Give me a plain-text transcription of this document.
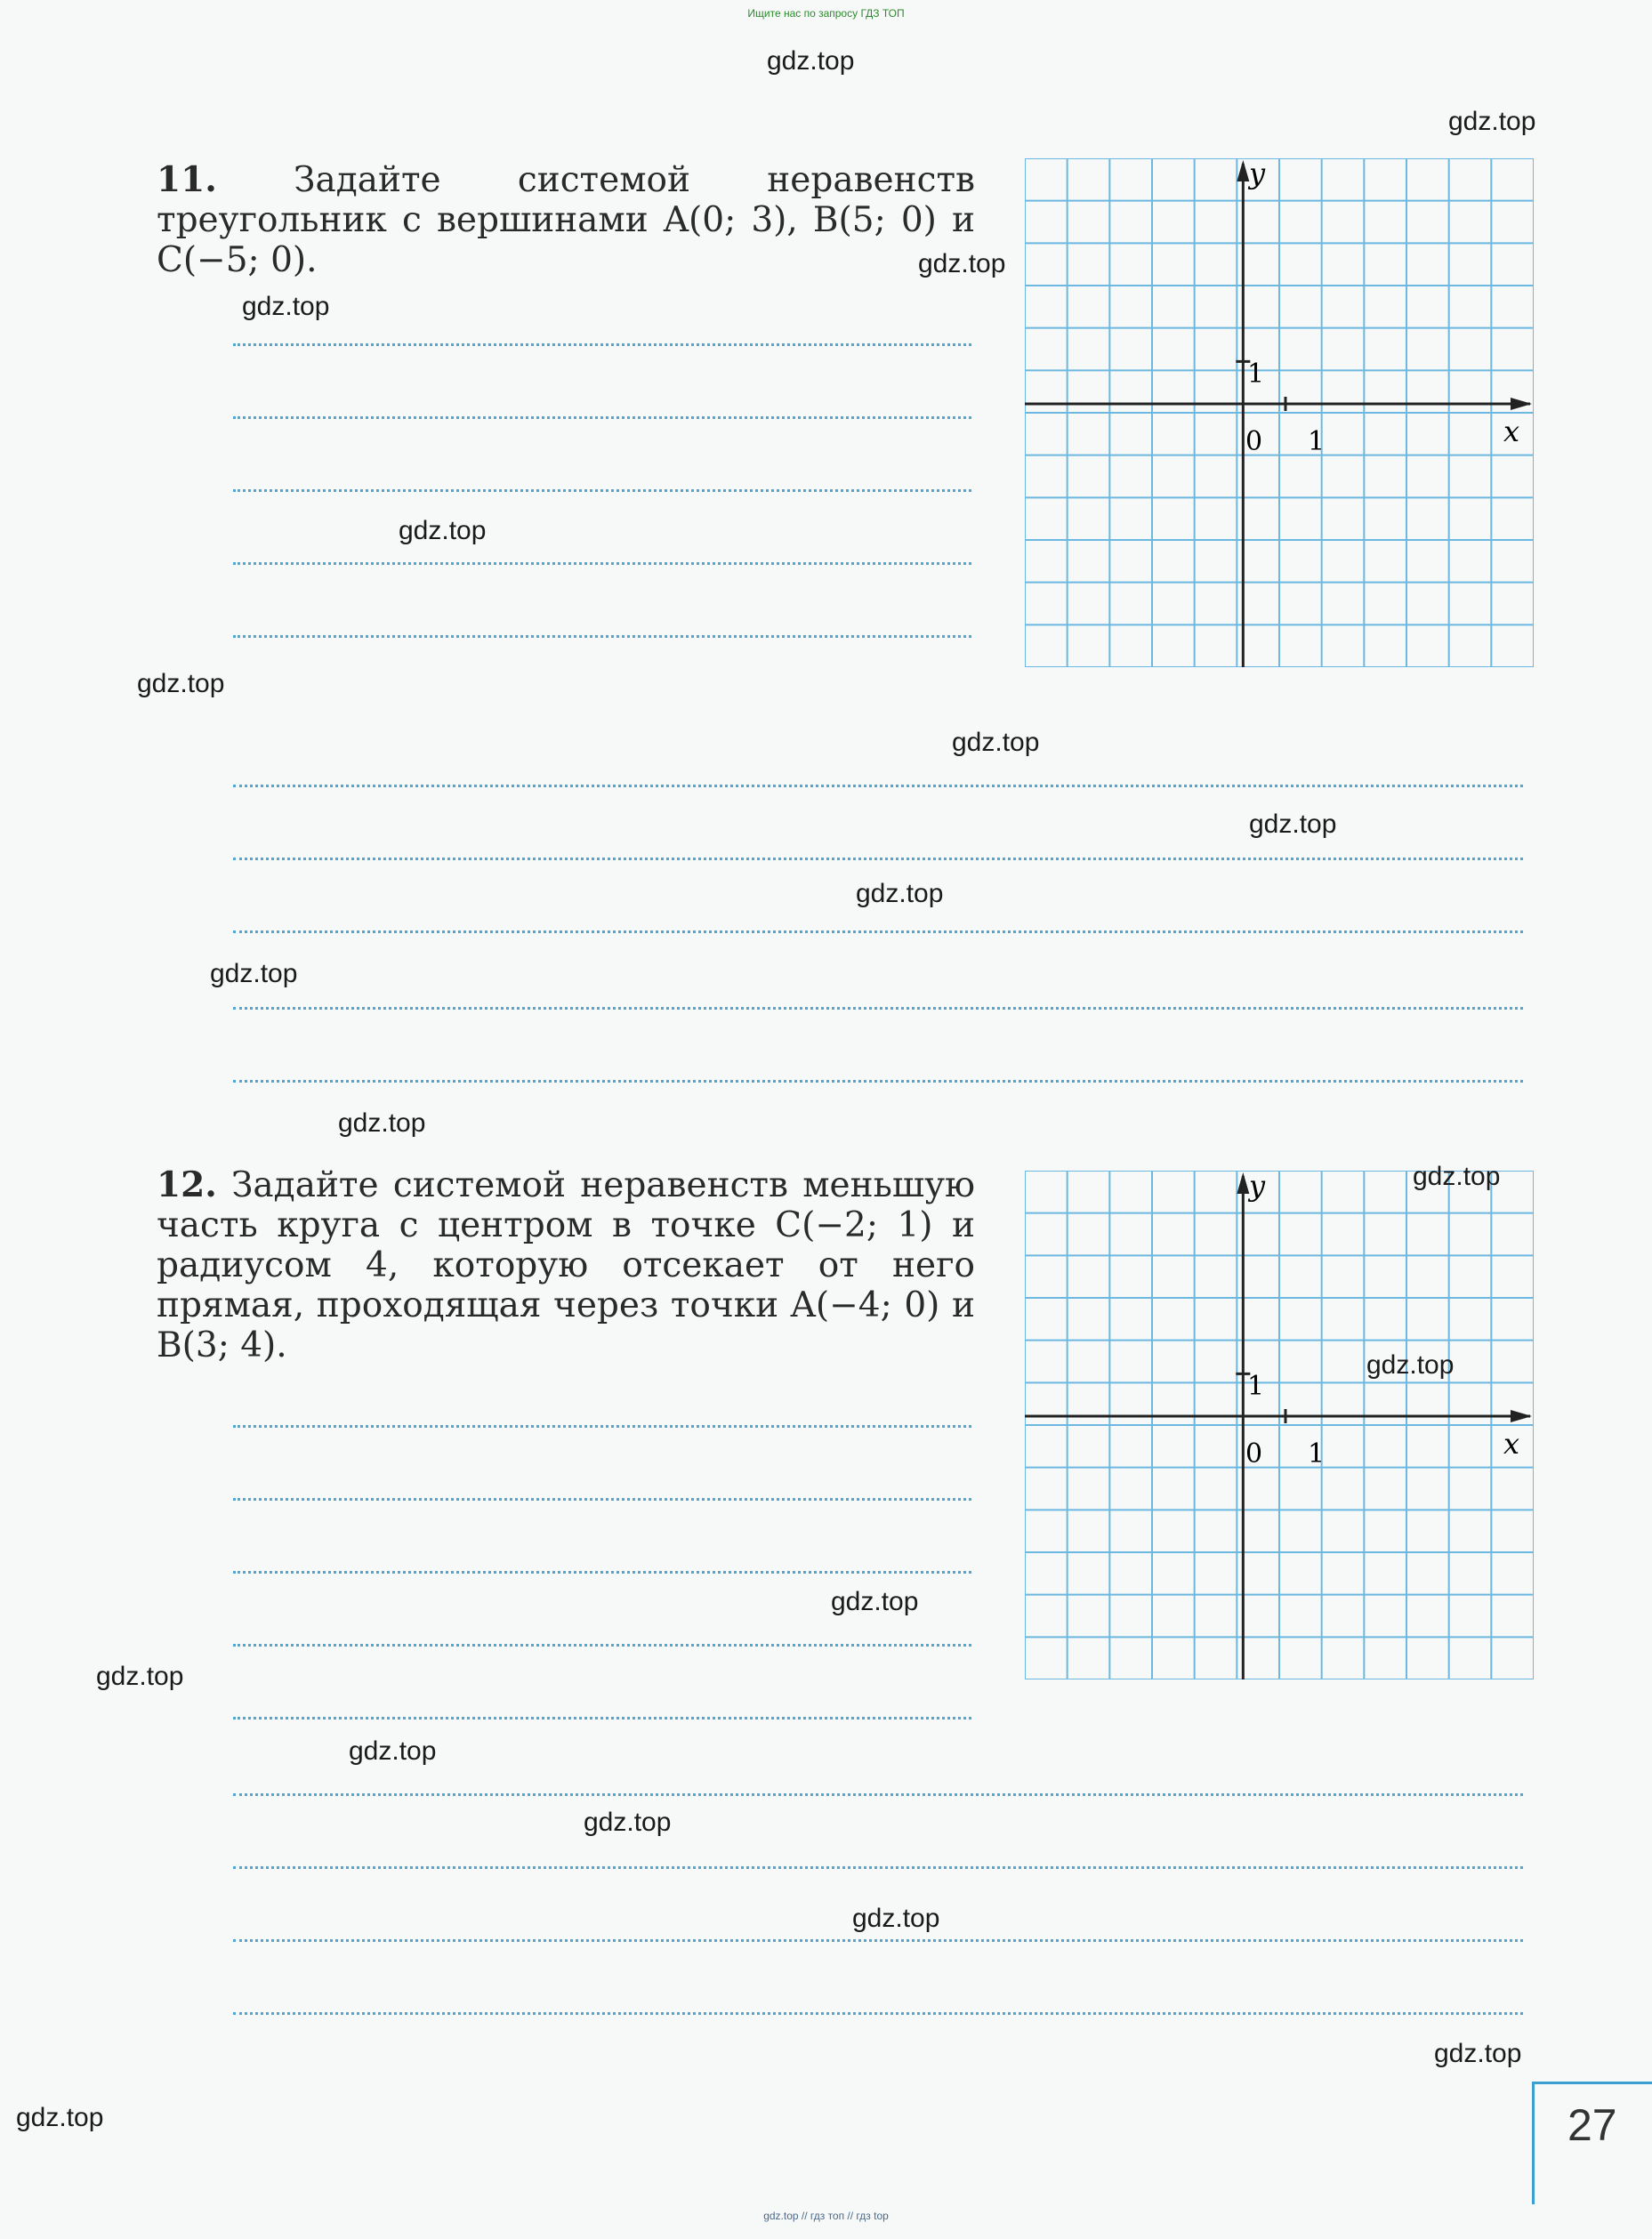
Ищите нас по запросу ГДЗ ТОП
11. Задайте системой неравенств треугольник с вершинами A(0; 3), B(5; 0) и C(−5; 0).
y
x
0 1
1
12. Задайте системой неравенств меньшую часть круга с центром в точке C(−2; 1) и радиусом 4, которую отсекает от него прямая, проходящая через точки A(−4; 0) и B(3; 4).
y
x
0 1
1
gdz.top
gdz.top
gdz.top
gdz.top
gdz.top
gdz.top
gdz.top
gdz.top
gdz.top
gdz.top
gdz.top
gdz.top
gdz.top
gdz.top
gdz.top
gdz.top
gdz.top
gdz.top
gdz.top
gdz.top	27
gdz.top // гдз топ // гдз top
